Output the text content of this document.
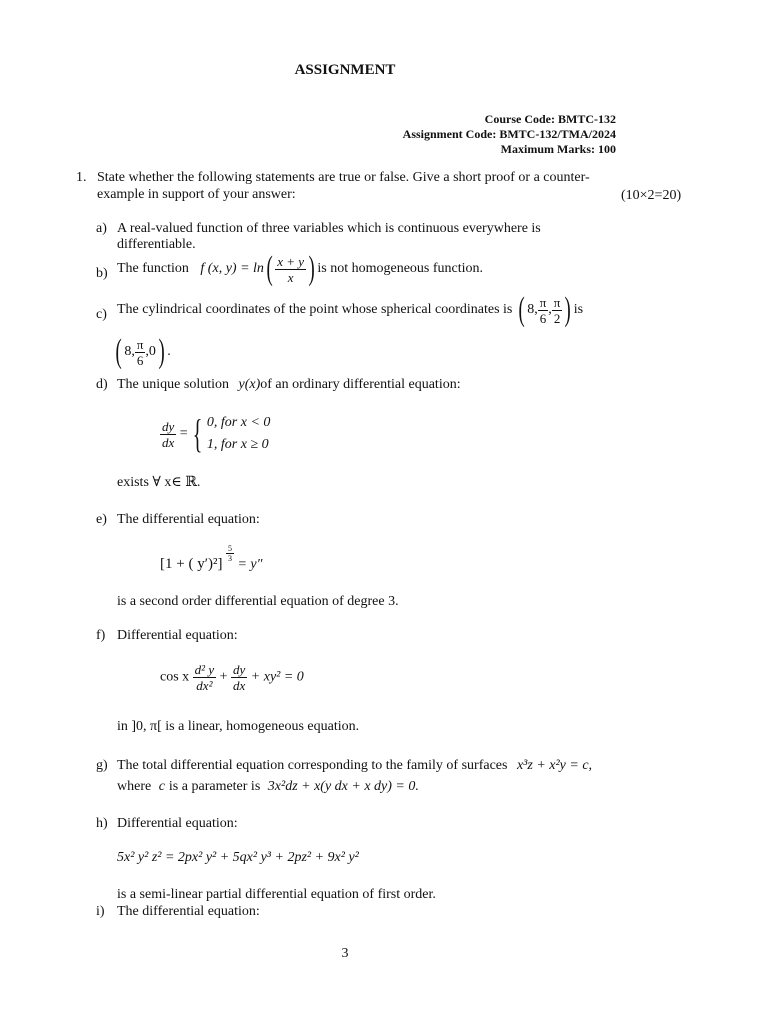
ASSIGNMENT
Course Code: BMTC-132
Assignment Code: BMTC-132/TMA/2024
Maximum Marks: 100
1. State whether the following statements are true or false. Give a short proof or a counter-
example in support of your answer:	(10×2=20)
a) A real-valued function of three variables which is continuous everywhere is
differentiable.
b) The function f (x, $y) = \ln( \frac{x + y}{x}$ ) is not homogeneous function.
c) The cylindrical coordinates of the point whose spherical coordinates is ( 8, $\frac{\pi}{6}$ , $\frac{\pi}{2}$ ) is
( 8, $\frac{\pi}{6} ,0$) .
d) The unique solution y(x)of an ordinary differential equation:
$\frac{dy}{dx}$ = { 0, for x < 0
1, for x ≥ 0
exists ∀ x∈ ℝ.
e) The differential equation:
[1 + ( y′)²]
$\frac{5}{3}$
= y″
is a second order differential equation of degree 3.
f) Differential equation:
cos x $\frac{\text{d² y}}{\text{dx²}} + \frac{dy}{dx} + xy^2 = 0$
in ]0, π[ is a linear, homogeneous equation.
g) The total differential equation corresponding to the family of surfaces x³z + x²y = c,
where c is a parameter is 3x²dz + x(y dx + x dy) = 0.
h) Differential equation:
5x² y² z² = 2px² y² + 5qx² y³ + 2pz² + 9x² y²
is a semi-linear partial differential equation of first order.
i) The differential equation:
3
